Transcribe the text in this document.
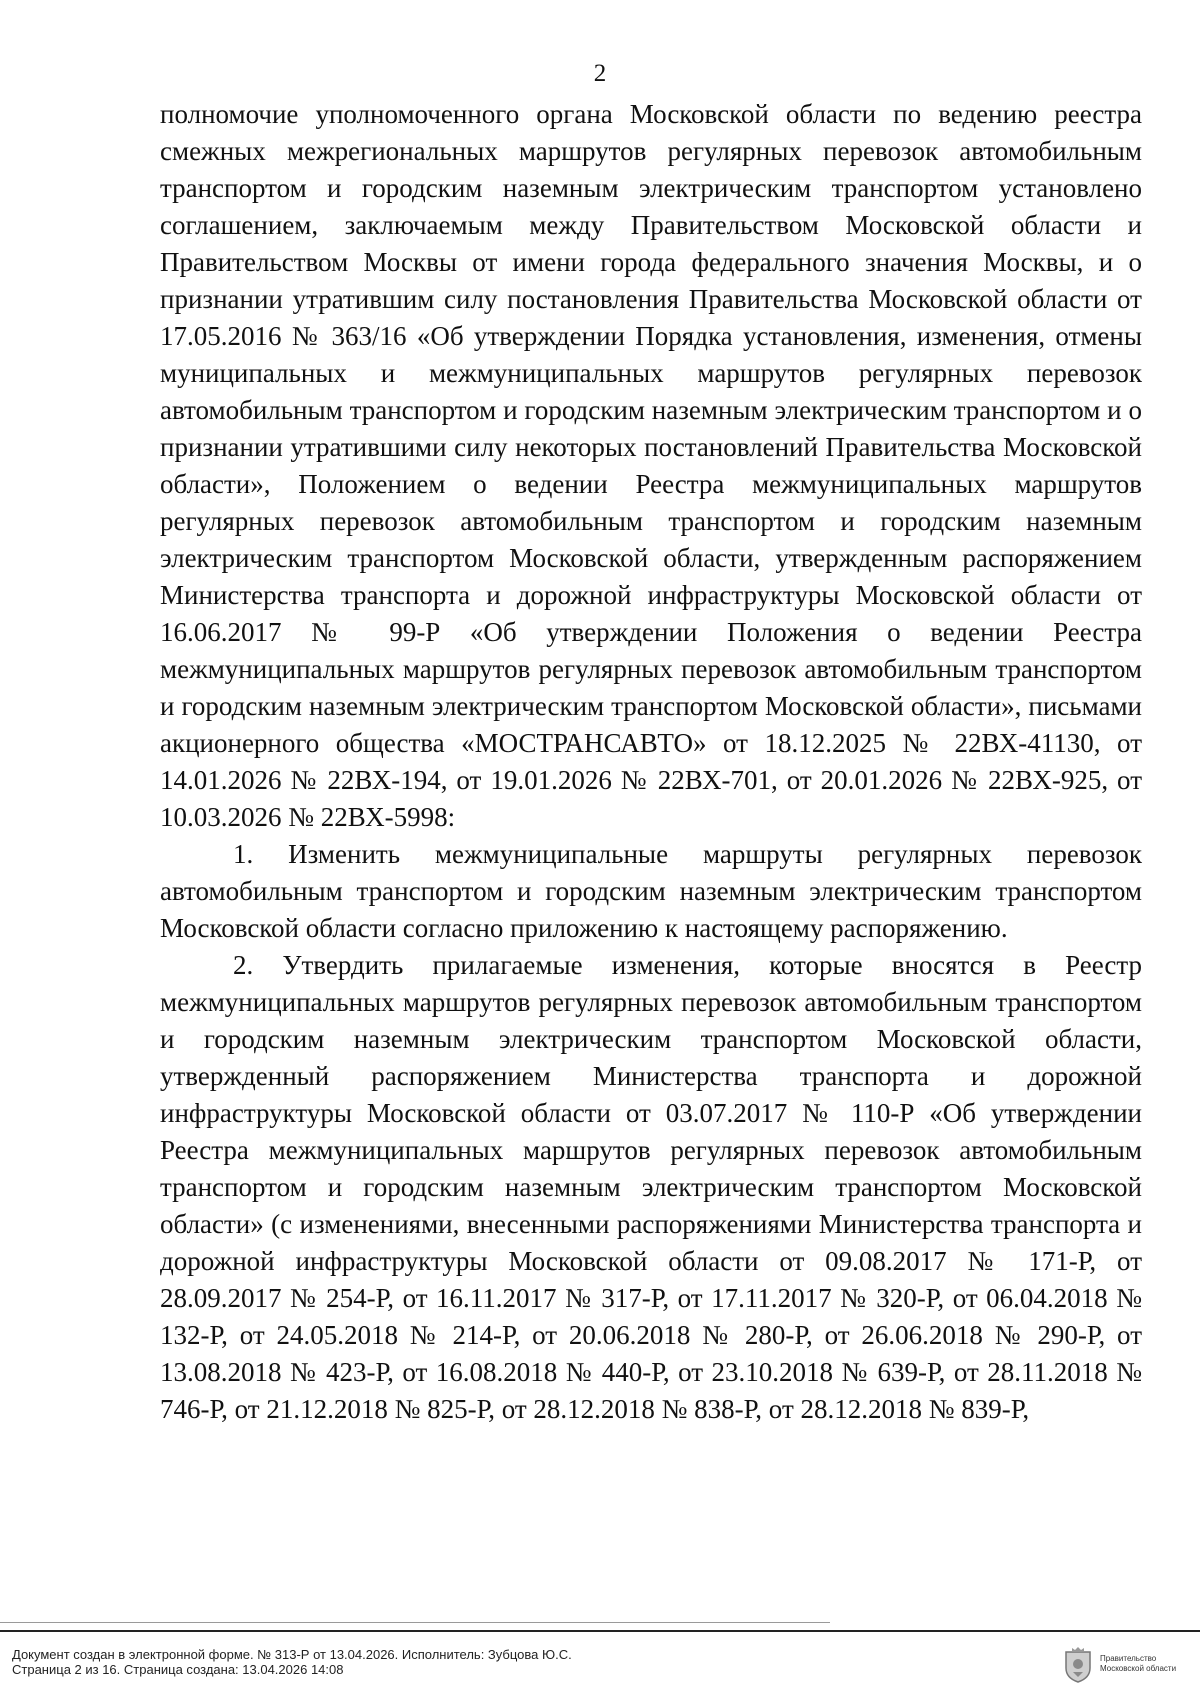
2

полномочие уполномоченного органа Московской области по ведению реестра смежных межрегиональных маршрутов регулярных перевозок автомобильным транспортом и городским наземным электрическим транспортом установлено соглашением, заключаемым между Правительством Московской области и Правительством Москвы от имени города федерального значения Москвы, и о признании утратившим силу постановления Правительства Московской области от 17.05.2016 № 363/16 «Об утверждении Порядка установления, изменения, отмены муниципальных и межмуниципальных маршрутов регулярных перевозок автомобильным транспортом и городским наземным электрическим транспортом и о признании утратившими силу некоторых постановлений Правительства Московской области», Положением о ведении Реестра межмуниципальных маршрутов регулярных перевозок автомобильным транспортом и городским наземным электрическим транспортом Московской области, утвержденным распоряжением Министерства транспорта и дорожной инфраструктуры Московской области от 16.06.2017 № 99-Р «Об утверждении Положения о ведении Реестра межмуниципальных маршрутов регулярных перевозок автомобильным транспортом и городским наземным электрическим транспортом Московской области», письмами акционерного общества «МОСТРАНСАВТО» от 18.12.2025 № 22ВХ-41130, от 14.01.2026 № 22ВХ-194, от 19.01.2026 № 22ВХ-701, от 20.01.2026 № 22ВХ-925, от 10.03.2026 № 22ВХ-5998:

1. Изменить межмуниципальные маршруты регулярных перевозок автомобильным транспортом и городским наземным электрическим транспортом Московской области согласно приложению к настоящему распоряжению.

2. Утвердить прилагаемые изменения, которые вносятся в Реестр межмуниципальных маршрутов регулярных перевозок автомобильным транспортом и городским наземным электрическим транспортом Московской области, утвержденный распоряжением Министерства транспорта и дорожной инфраструктуры Московской области от 03.07.2017 № 110-Р «Об утверждении Реестра межмуниципальных маршрутов регулярных перевозок автомобильным транспортом и городским наземным электрическим транспортом Московской области» (с изменениями, внесенными распоряжениями Министерства транспорта и дорожной инфраструктуры Московской области от 09.08.2017 № 171-Р, от 28.09.2017 № 254-Р, от 16.11.2017 № 317-Р, от 17.11.2017 № 320-Р, от 06.04.2018 № 132-Р, от 24.05.2018 № 214-Р, от 20.06.2018 № 280-Р, от 26.06.2018 № 290-Р, от 13.08.2018 № 423-Р, от 16.08.2018 № 440-Р, от 23.10.2018 № 639-Р, от 28.11.2018 № 746-Р, от 21.12.2018 № 825-Р, от 28.12.2018 № 838-Р, от 28.12.2018 № 839-Р,

Документ создан в электронной форме. № 313-Р от 13.04.2026. Исполнитель: Зубцова Ю.С.
Страница 2 из 16. Страница создана: 13.04.2026 14:08
Правительство
Московской области
